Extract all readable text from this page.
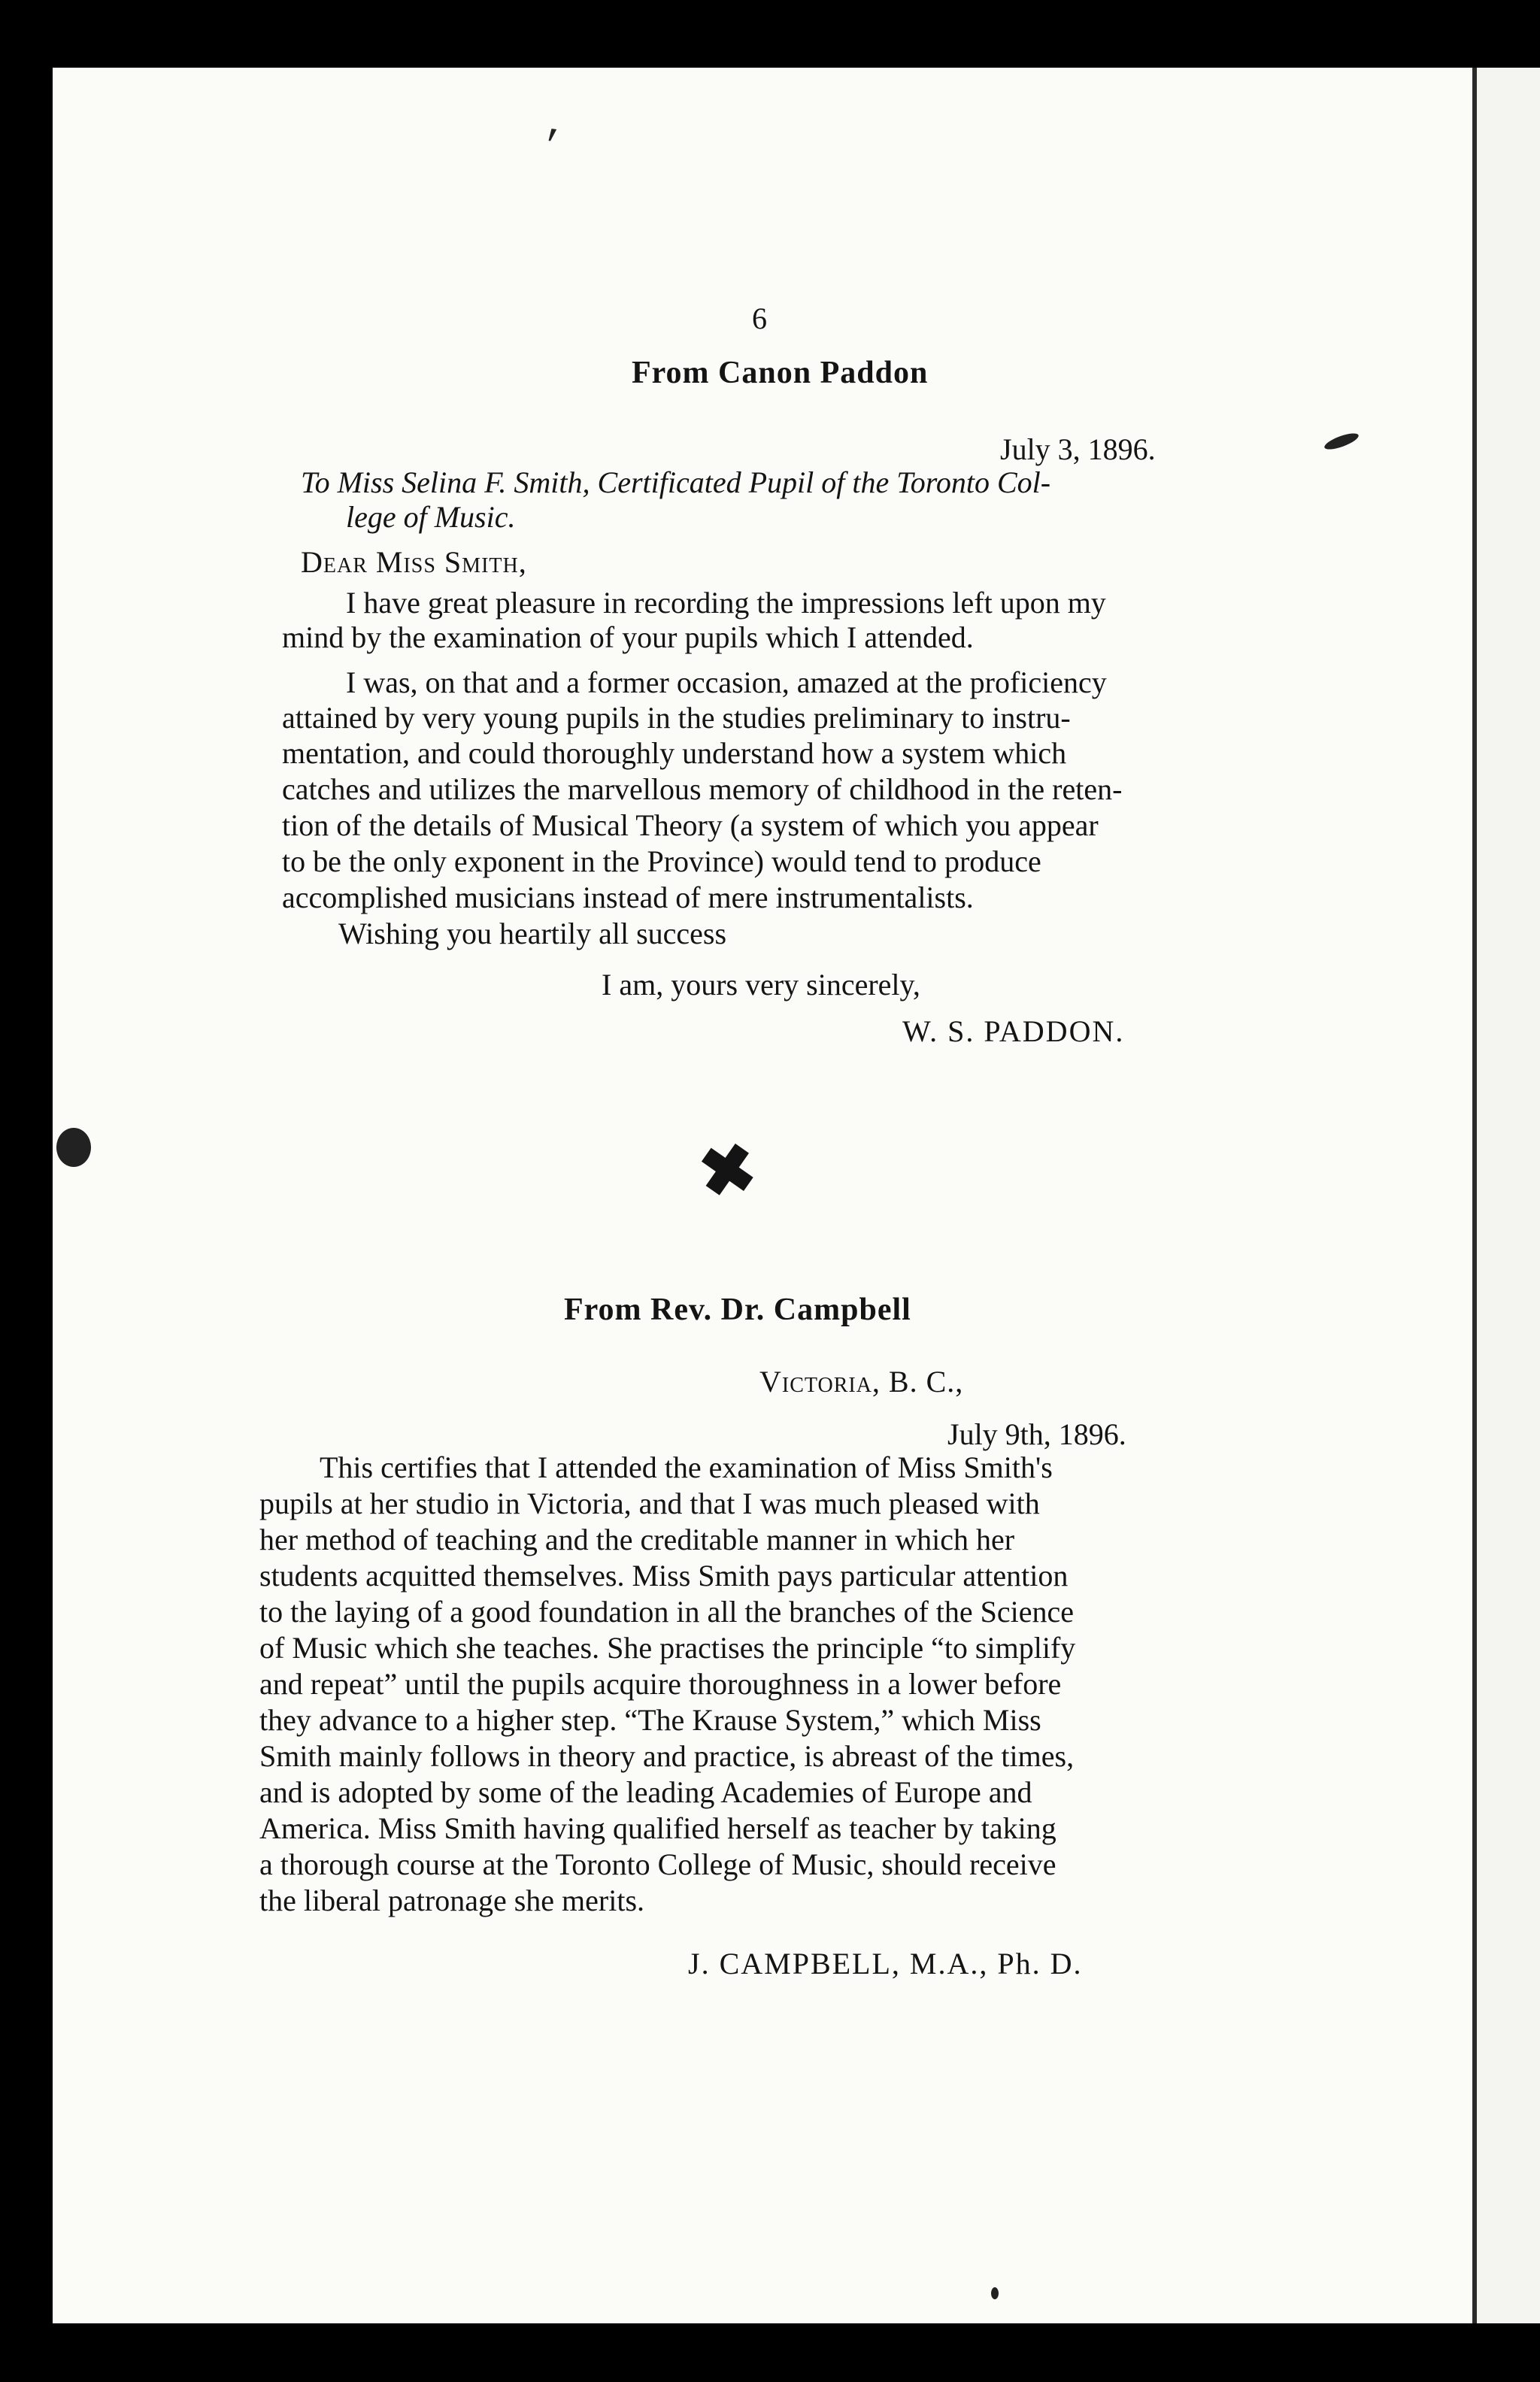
′
6
From Canon Paddon
July 3, 1896.
To Miss Selina F. Smith, Certificated Pupil of the Toronto Col-
lege of Music.
Dear Miss Smith,
I have great pleasure in recording the impressions left upon my
mind by the examination of your pupils which I attended.
I was, on that and a former occasion, amazed at the proficiency
attained by very young pupils in the studies preliminary to instru-
mentation, and could thoroughly understand how a system which
catches and utilizes the marvellous memory of childhood in the reten-
tion of the details of Musical Theory (a system of which you appear
to be the only exponent in the Province) would tend to produce
accomplished musicians instead of mere instrumentalists.
Wishing you heartily all success
I am, yours very sincerely,
W. S. PADDON.
✖
From Rev. Dr. Campbell
Victoria, B. C.,
July 9th, 1896.
This certifies that I attended the examination of Miss Smith's
pupils at her studio in Victoria, and that I was much pleased with
her method of teaching and the creditable manner in which her
students acquitted themselves. Miss Smith pays particular attention
to the laying of a good foundation in all the branches of the Science
of Music which she teaches. She practises the principle “to simplify
and repeat” until the pupils acquire thoroughness in a lower before
they advance to a higher step. “The Krause System,” which Miss
Smith mainly follows in theory and practice, is abreast of the times,
and is adopted by some of the leading Academies of Europe and
America. Miss Smith having qualified herself as teacher by taking
a thorough course at the Toronto College of Music, should receive
the liberal patronage she merits.
J. CAMPBELL, M.A., Ph. D.
